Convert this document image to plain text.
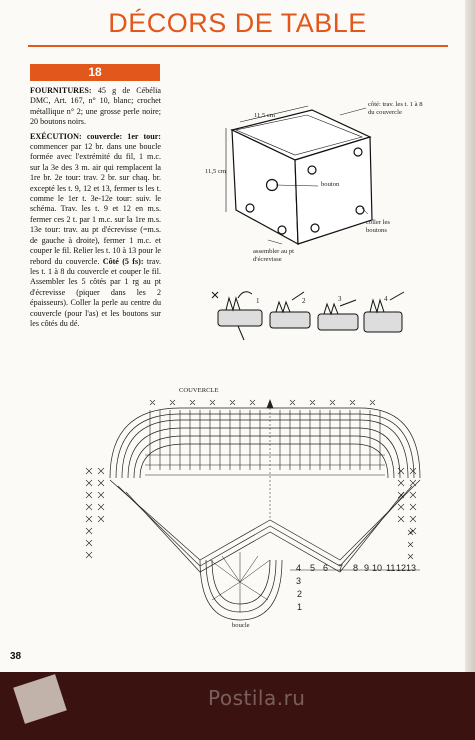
DÉCORS DE TABLE
18

FOURNITURES: 45 g de Cébélia DMC, Art. 167, n° 10, blanc; crochet métallique n° 2; une grosse perle noire; 20 boutons noirs.

EXÉCUTION: couvercle: 1er tour: commencer par 12 br. dans une boucle formée avec l'extrémité du fil, 1 m.c. sur la 3e des 3 m. air qui remplacent la 1re br. 2e tour: trav. 2 br. sur chaq. br. excepté les t. 9, 12 et 13, fermer ts les t. comme le 1er t. 3e-12e tour: suiv. le schéma. Trav. les t. 9 et 12 en m.s. fermer ces 2 t. par 1 m.c. sur la 1re m.s. 13e tour: trav. au pt d'écrevisse (=m.s. de gauche à droite), fermer 1 m.c. et couper le fil. Relier les t. 10 à 13 pour le rebord du couvercle. Côté (5 fs): trav. les t. 1 à 8 du couvercle et couper le fil. Assembler les 5 côtés par 1 rg au pt d'écrevisse (piquer dans les 2 épaisseurs). Coller la perle au centre du couvercle (pour l'as) et les boutons sur les côtés du dé.

11,5 cm
11,5 cm
côté: trav. les t. 1 à 8 du couvercle
bouton
coller les boutons
assembler au pt d'écrevisse
1	2	3	4
COUVERCLE
boucle
4 5 6 7 8 9 10 11 12 13
3
2
1
38
Postila.ru
